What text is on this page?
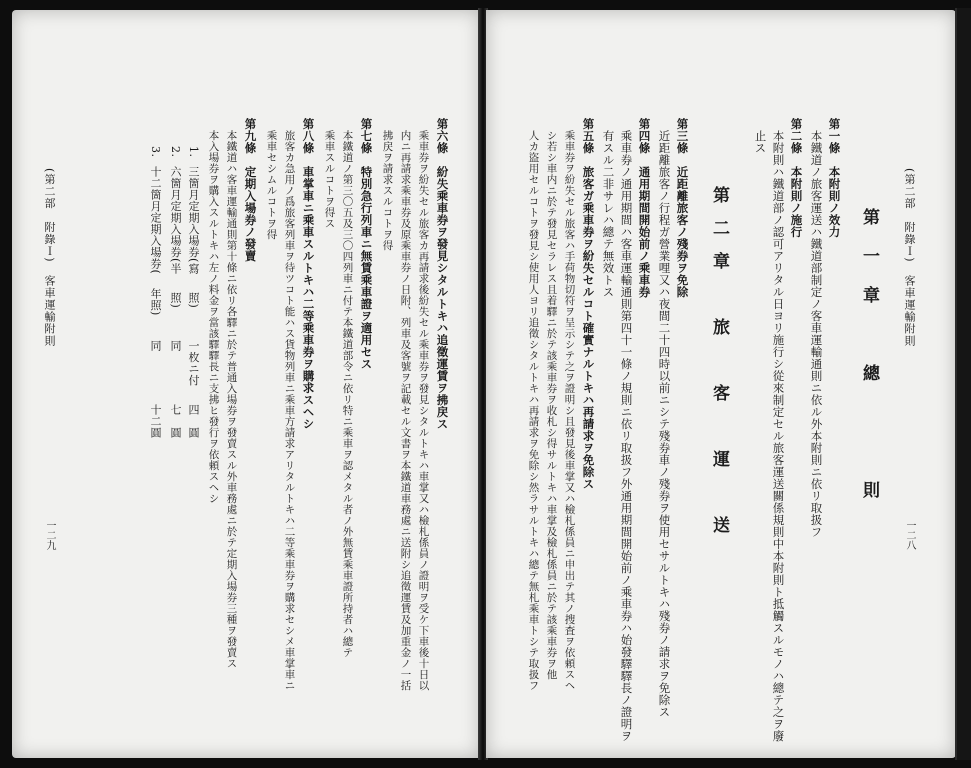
(第二部　附錄Ｉ)　客車運輸附則
一二八
第一章　總　　則
第一條　本附則ノ效力
本鐵道ノ旅客運送ハ鐵道部制定ノ客車運輸通則ニ依ル外本附則ニ依リ取扱フ
第二條　本附則ノ施行
本附則ハ鐵道部ノ認可アリタル日ヨリ施行シ從來制定セル旅客運送關係規則中本附則ト抵觸スルモノハ總テ之ヲ廢
止ス
第二章　旅　客　運　送
第三條　近距離旅客ノ殘券ヲ免除
近距離旅客ノ行程ガ營業哩又ハ夜間二十四時以前ニシテ殘券車ノ殘券ヲ使用セサルトキハ殘券ノ請求ヲ免除ス
第四條　通用期間開始前ノ乘車券
乘車券ノ通用期間ハ客車運輸通則第四十一條ノ規則ニ依リ取扱フ外通用期間開始前ノ乘車券ハ始發驛驛長ノ證明ヲ
有スル二非サレハ總テ無效トス
第五條　旅客ガ乘車券ヲ紛失セルコト確實ナルトキハ再請求ヲ免除ス
乘車券ヲ紛失セル旅客ハ手荷物切符ヲ呈示シテ之ヲ證明シ且發見後車掌又ハ檢札係員ニ申出テ其ノ搜査ヲ依頼スヘ
シ若シ車内ニ於テ發見セラレス且着驛ニ於テ該乘車券ヲ收札シ得サルトキハ車掌及檢札係員ニ於テ該乘車券ヲ他
人カ盜用セルコトヲ發見シ使用人ヨリ追徵シタルトキハ再請求ヲ免除シ然ラサルトキハ總テ無札乘車トシテ取扱フ
第六條　紛失乘車券ヲ發見シタルトキハ追徵運賃ヲ拂戻ス
乘車券ヲ紛失セル旅客カ再請求後紛失セル乘車券ヲ發見シタルトキハ車掌又ハ檢札係員ノ證明ヲ受ケ下車後十日以
内ニ再請求乘車券及原乘車券ノ日附、列車及客號ヲ記載セル文書ヲ本鐵道車務處ニ送附シ追徵運賃及加重金ノ一括
拂戻ヲ請求スルコトヲ得
第七條　特別急行列車ニ無賃乘車證ヲ適用セス
本鐵道ノ第三〇五及三〇四列車ニ付テ本鐵道部令ニ依リ特ニ乘車ヲ認メタル者ノ外無賃乘車證所持者ハ總テ
乘車スルコトヲ得ス
第八條　車掌車ニ乘車スルトキハ二等乘車券ヲ購求スヘシ
旅客カ急用ノ爲旅客列車ヲ待ツコト能ハス貨物列車ニ乘車方請求アリタルトキハ二等乘車券ヲ購求セシメ車掌車ニ
乘車セシムルコトヲ得
第九條　定期入場券ノ發賣
本鐵道ハ客車運輸通則第十條ニ依リ各驛ニ於テ普通入場券ヲ發賣スル外車務處ニ於テ定期入場券三種ヲ發賣ス
本入場券ヲ購入スルトキハ左ノ料金ヲ當該驛驛長ニ支拂ヒ發行ヲ依頼スヘシ
1.
三箇月定期入場券(寫
照)
一枚ニ付
四　圓
2.
六箇月定期入場券(半
照)
同
七　圓
3.
十二箇月定期入場券(
年照)
同
十二圓
(第二部　附錄Ｉ)　客車運輸附則
一二九
